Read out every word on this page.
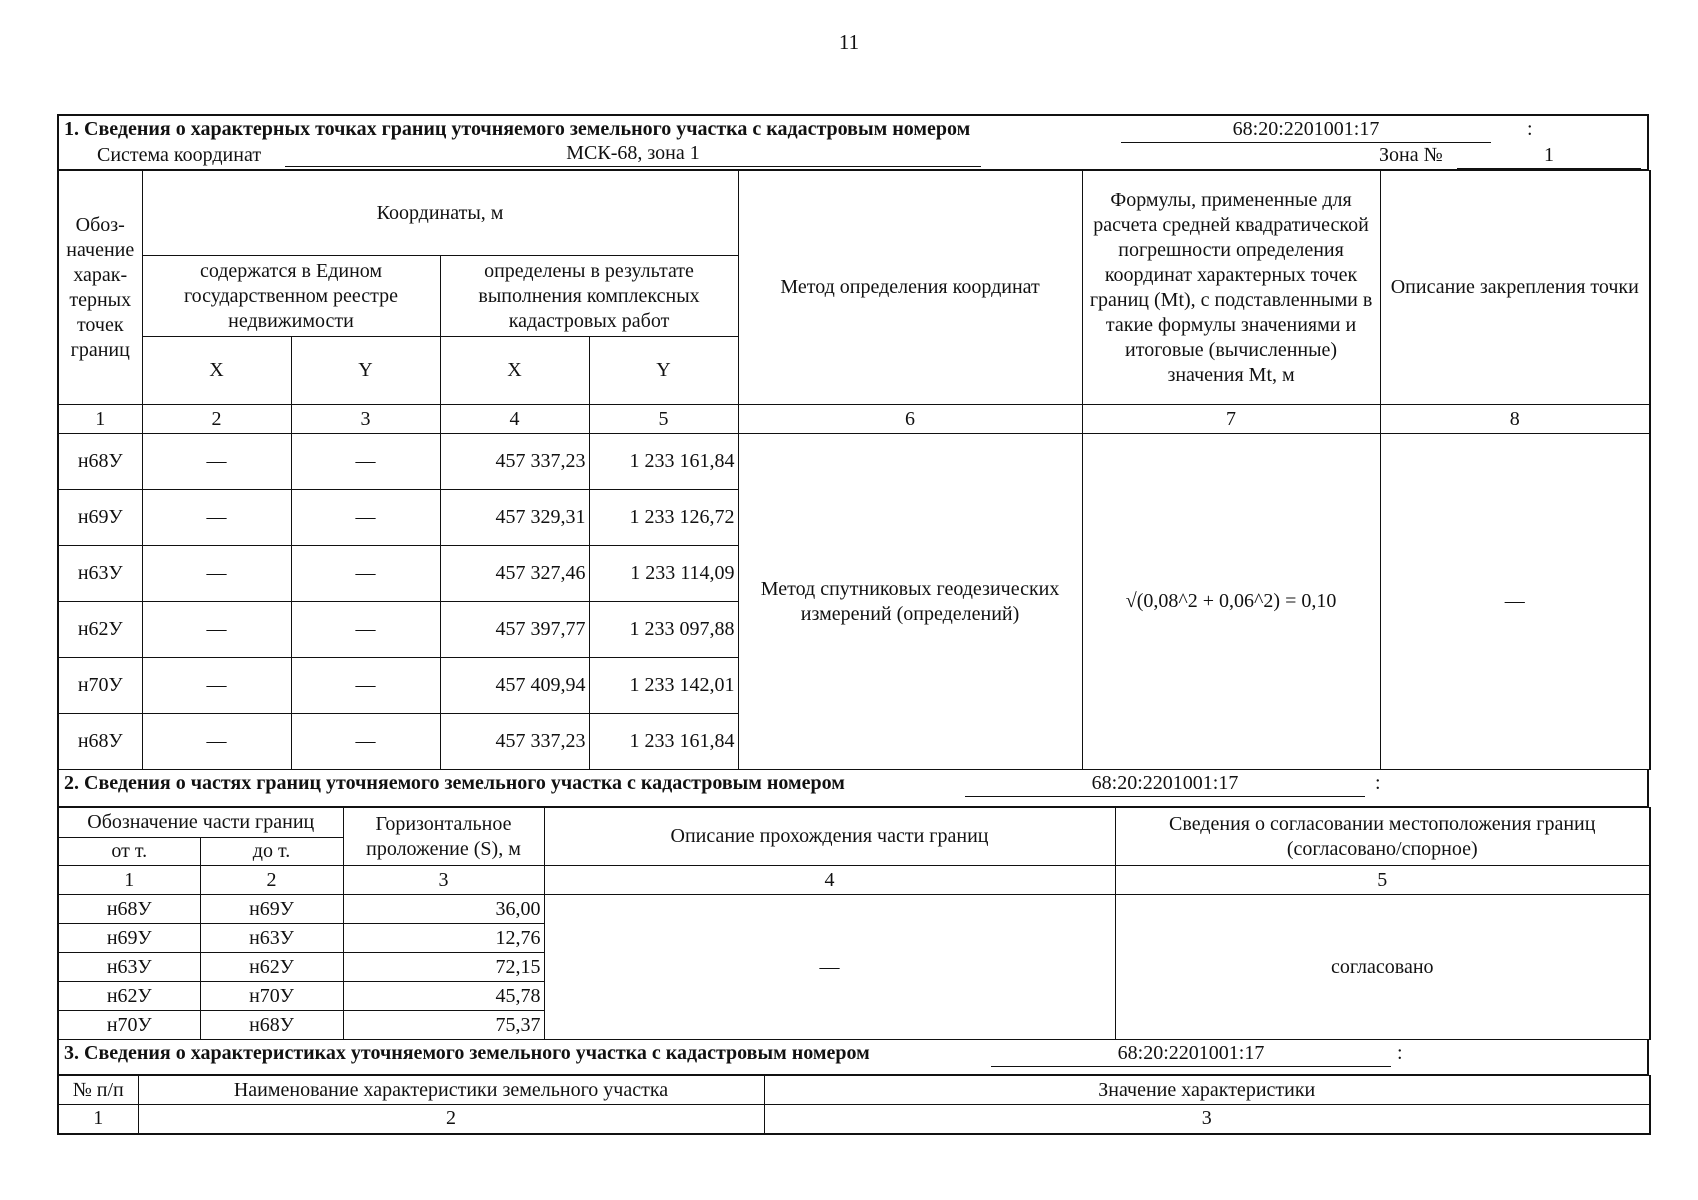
11
1. Сведения о характерных точках границ уточняемого земельного участка с кадастровым номером	68:20:2201001:17	:
Система координат	МСК-68, зона 1	Зона №	1
Обоз-начение харак-терных точек границ	Координаты, м				Метод определения координат	Формулы, примененные для расчета средней квадратической погрешности определения координат характерных точек границ (Mt), с подставленными в такие формулы значениями и итоговые (вычисленные) значения Mt, м	Описание закрепления точки
	содержатся в Едином государственном реестре недвижимости		определены в результате выполнения комплексных кадастровых работ				
	X	Y	X	Y			
1	2	3	4	5	6	7	8
н68У	—	—	457 337,23	1 233 161,84	Метод спутниковых геодезических измерений (определений)	√(0,08^2 + 0,06^2) = 0,10	—
н69У	—	—	457 329,31	1 233 126,72			
н63У	—	—	457 327,46	1 233 114,09			
н62У	—	—	457 397,77	1 233 097,88			
н70У	—	—	457 409,94	1 233 142,01			
н68У	—	—	457 337,23	1 233 161,84			
2. Сведения о частях границ уточняемого земельного участка с кадастровым номером	68:20:2201001:17	:
Обозначение части границ		Горизонтальное проложение (S), м	Описание прохождения части границ	Сведения о согласовании местоположения границ (согласовано/спорное)
от т.	до т.			
1	2	3	4	5
н68У	н69У	36,00	—	согласовано
н69У	н63У	12,76		
н63У	н62У	72,15		
н62У	н70У	45,78		
н70У	н68У	75,37		
3. Сведения о характеристиках уточняемого земельного участка с кадастровым номером	68:20:2201001:17	:
№ п/п	Наименование характеристики земельного участка	Значение характеристики
1	2	3
